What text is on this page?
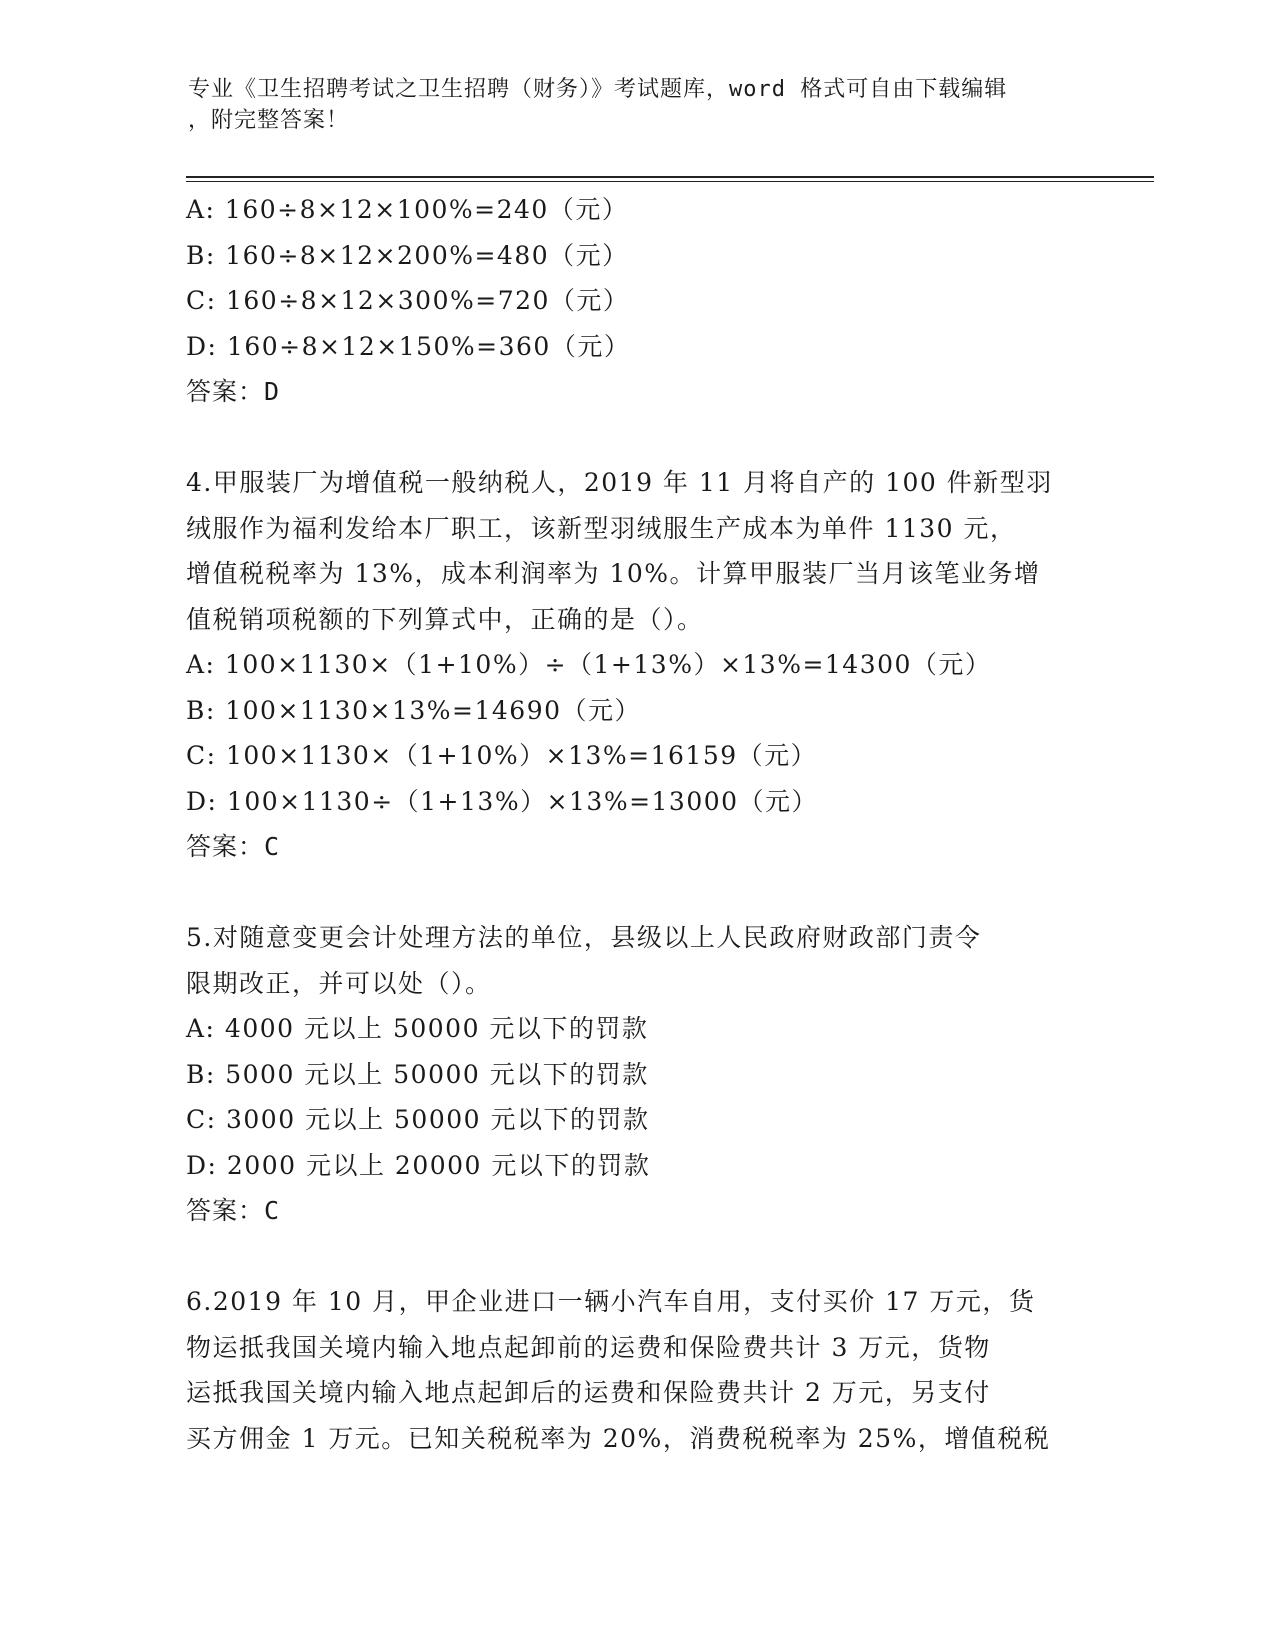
专业《卫生招聘考试之卫生招聘（财务）》考试题库，word 格式可自由下载编辑
，附完整答案！
A: 160÷8×12×100%=240（元）
B: 160÷8×12×200%=480（元）
C: 160÷8×12×300%=720（元）
D: 160÷8×12×150%=360（元）
答案：D
4.甲服装厂为增值税一般纳税人，2019 年 11 月将自产的 100 件新型羽
绒服作为福利发给本厂职工，该新型羽绒服生产成本为单件 1130 元，
增值税税率为 13%，成本利润率为 10%。计算甲服装厂当月该笔业务增
值税销项税额的下列算式中，正确的是（）。
A: 100×1130×（1+10%）÷（1+13%）×13%=14300（元）
B: 100×1130×13%=14690（元）
C: 100×1130×（1+10%）×13%=16159（元）
D: 100×1130÷（1+13%）×13%=13000（元）
答案：C
5.对随意变更会计处理方法的单位，县级以上人民政府财政部门责令
限期改正，并可以处（）。
A: 4000 元以上 50000 元以下的罚款
B: 5000 元以上 50000 元以下的罚款
C: 3000 元以上 50000 元以下的罚款
D: 2000 元以上 20000 元以下的罚款
答案：C
6.2019 年 10 月，甲企业进口一辆小汽车自用，支付买价 17 万元，货
物运抵我国关境内输入地点起卸前的运费和保险费共计 3 万元，货物
运抵我国关境内输入地点起卸后的运费和保险费共计 2 万元，另支付
买方佣金 1 万元。已知关税税率为 20%，消费税税率为 25%，增值税税
